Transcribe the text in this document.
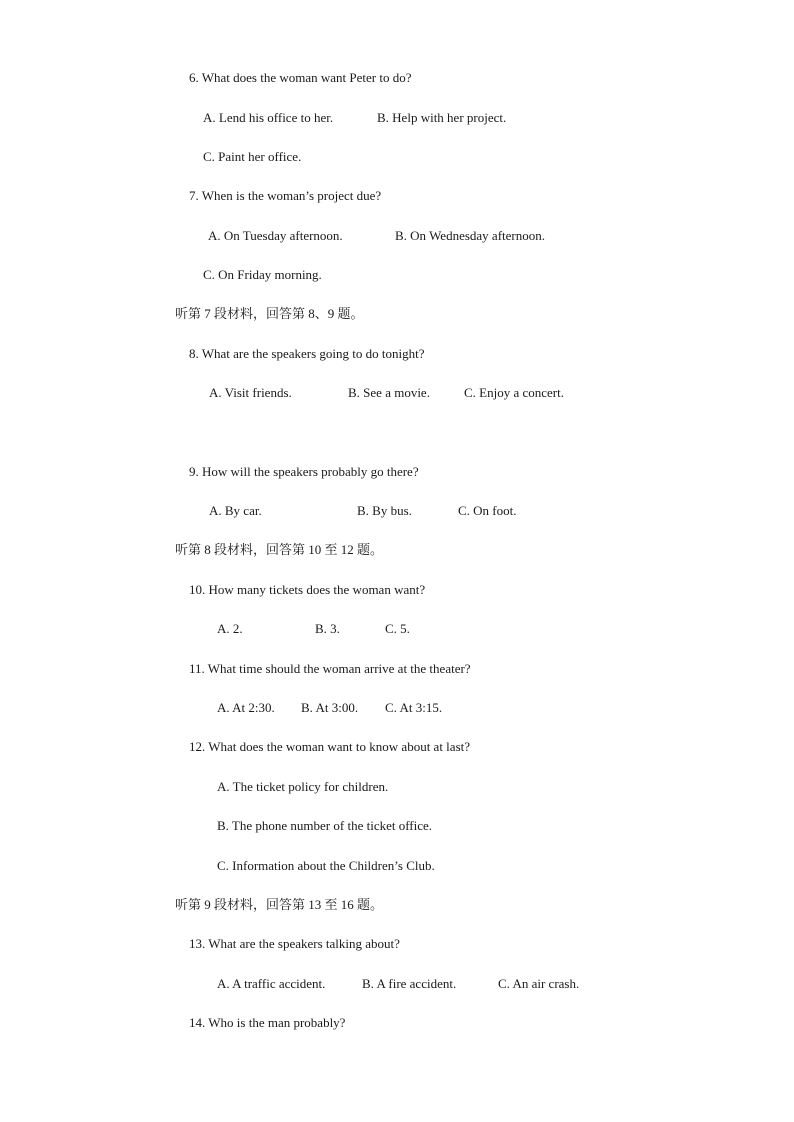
6. What does the woman want Peter to do?
A. Lend his office to her.	B. Help with her project.
C. Paint her office.
7. When is the woman’s project due?
A. On Tuesday afternoon.	B. On Wednesday afternoon.
C. On Friday morning.
听第 7 段材料，回答第 8、9 题。
8. What are the speakers going to do tonight?
A. Visit friends.	B. See a movie.	C. Enjoy a concert.
9. How will the speakers probably go there?
A. By car.	B. By bus.	C. On foot.
听第 8 段材料，回答第 10 至 12 题。
10. How many tickets does the woman want?
A. 2.	B. 3.	C. 5.
11. What time should the woman arrive at the theater?
A. At 2:30. B. At 3:00. C. At 3:15.
12. What does the woman want to know about at last?
A. The ticket policy for children.
B. The phone number of the ticket office.
C. Information about the Children’s Club.
听第 9 段材料，回答第 13 至 16 题。
13. What are the speakers talking about?
A. A traffic accident.	B. A fire accident.	C. An air crash.
14. Who is the man probably?
